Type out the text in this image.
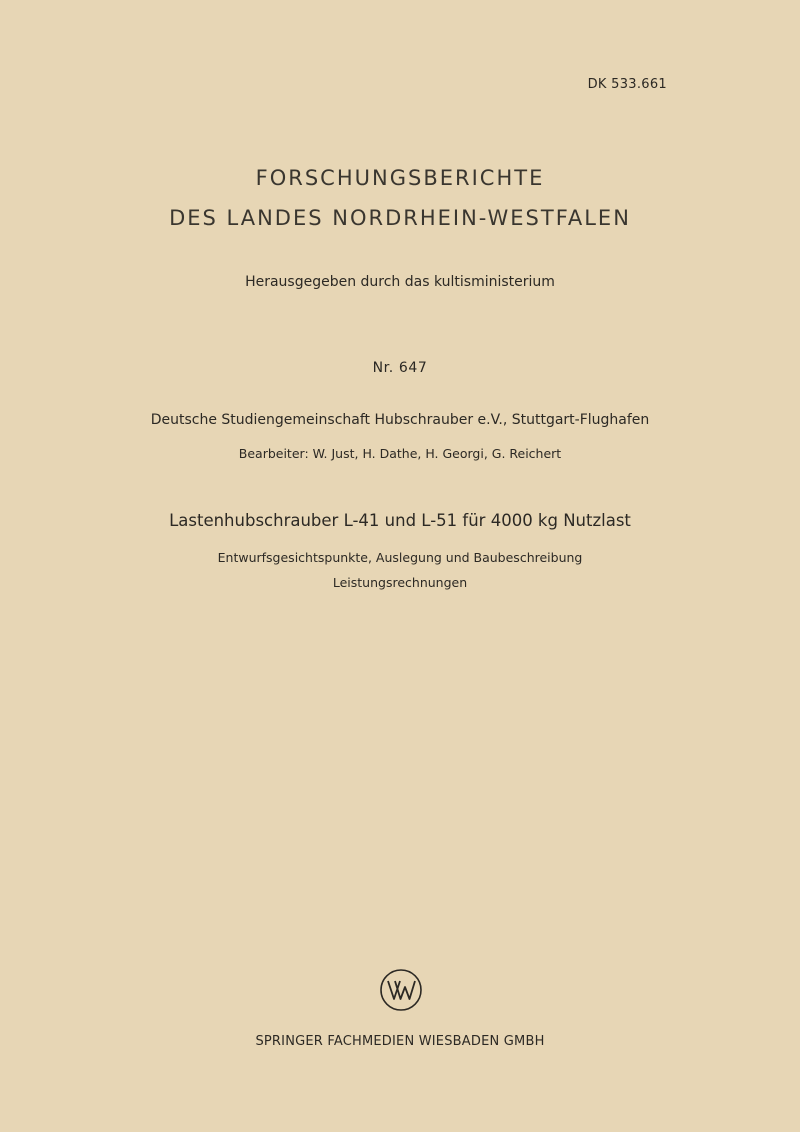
DK 533.661
FORSCHUNGSBERICHTE
DES LANDES NORDRHEIN-WESTFALEN
Herausgegeben durch das kultisministerium
Nr. 647
Deutsche Studiengemeinschaft Hubschrauber e.V., Stuttgart-Flughafen
Bearbeiter: W. Just, H. Dathe, H. Georgi, G. Reichert
Lastenhubschrauber L-41 und L-51 für 4000 kg Nutzlast
Entwurfsgesichtspunkte, Auslegung und Baubeschreibung
Leistungsrechnungen
SPRINGER FACHMEDIEN WIESBADEN GMBH
